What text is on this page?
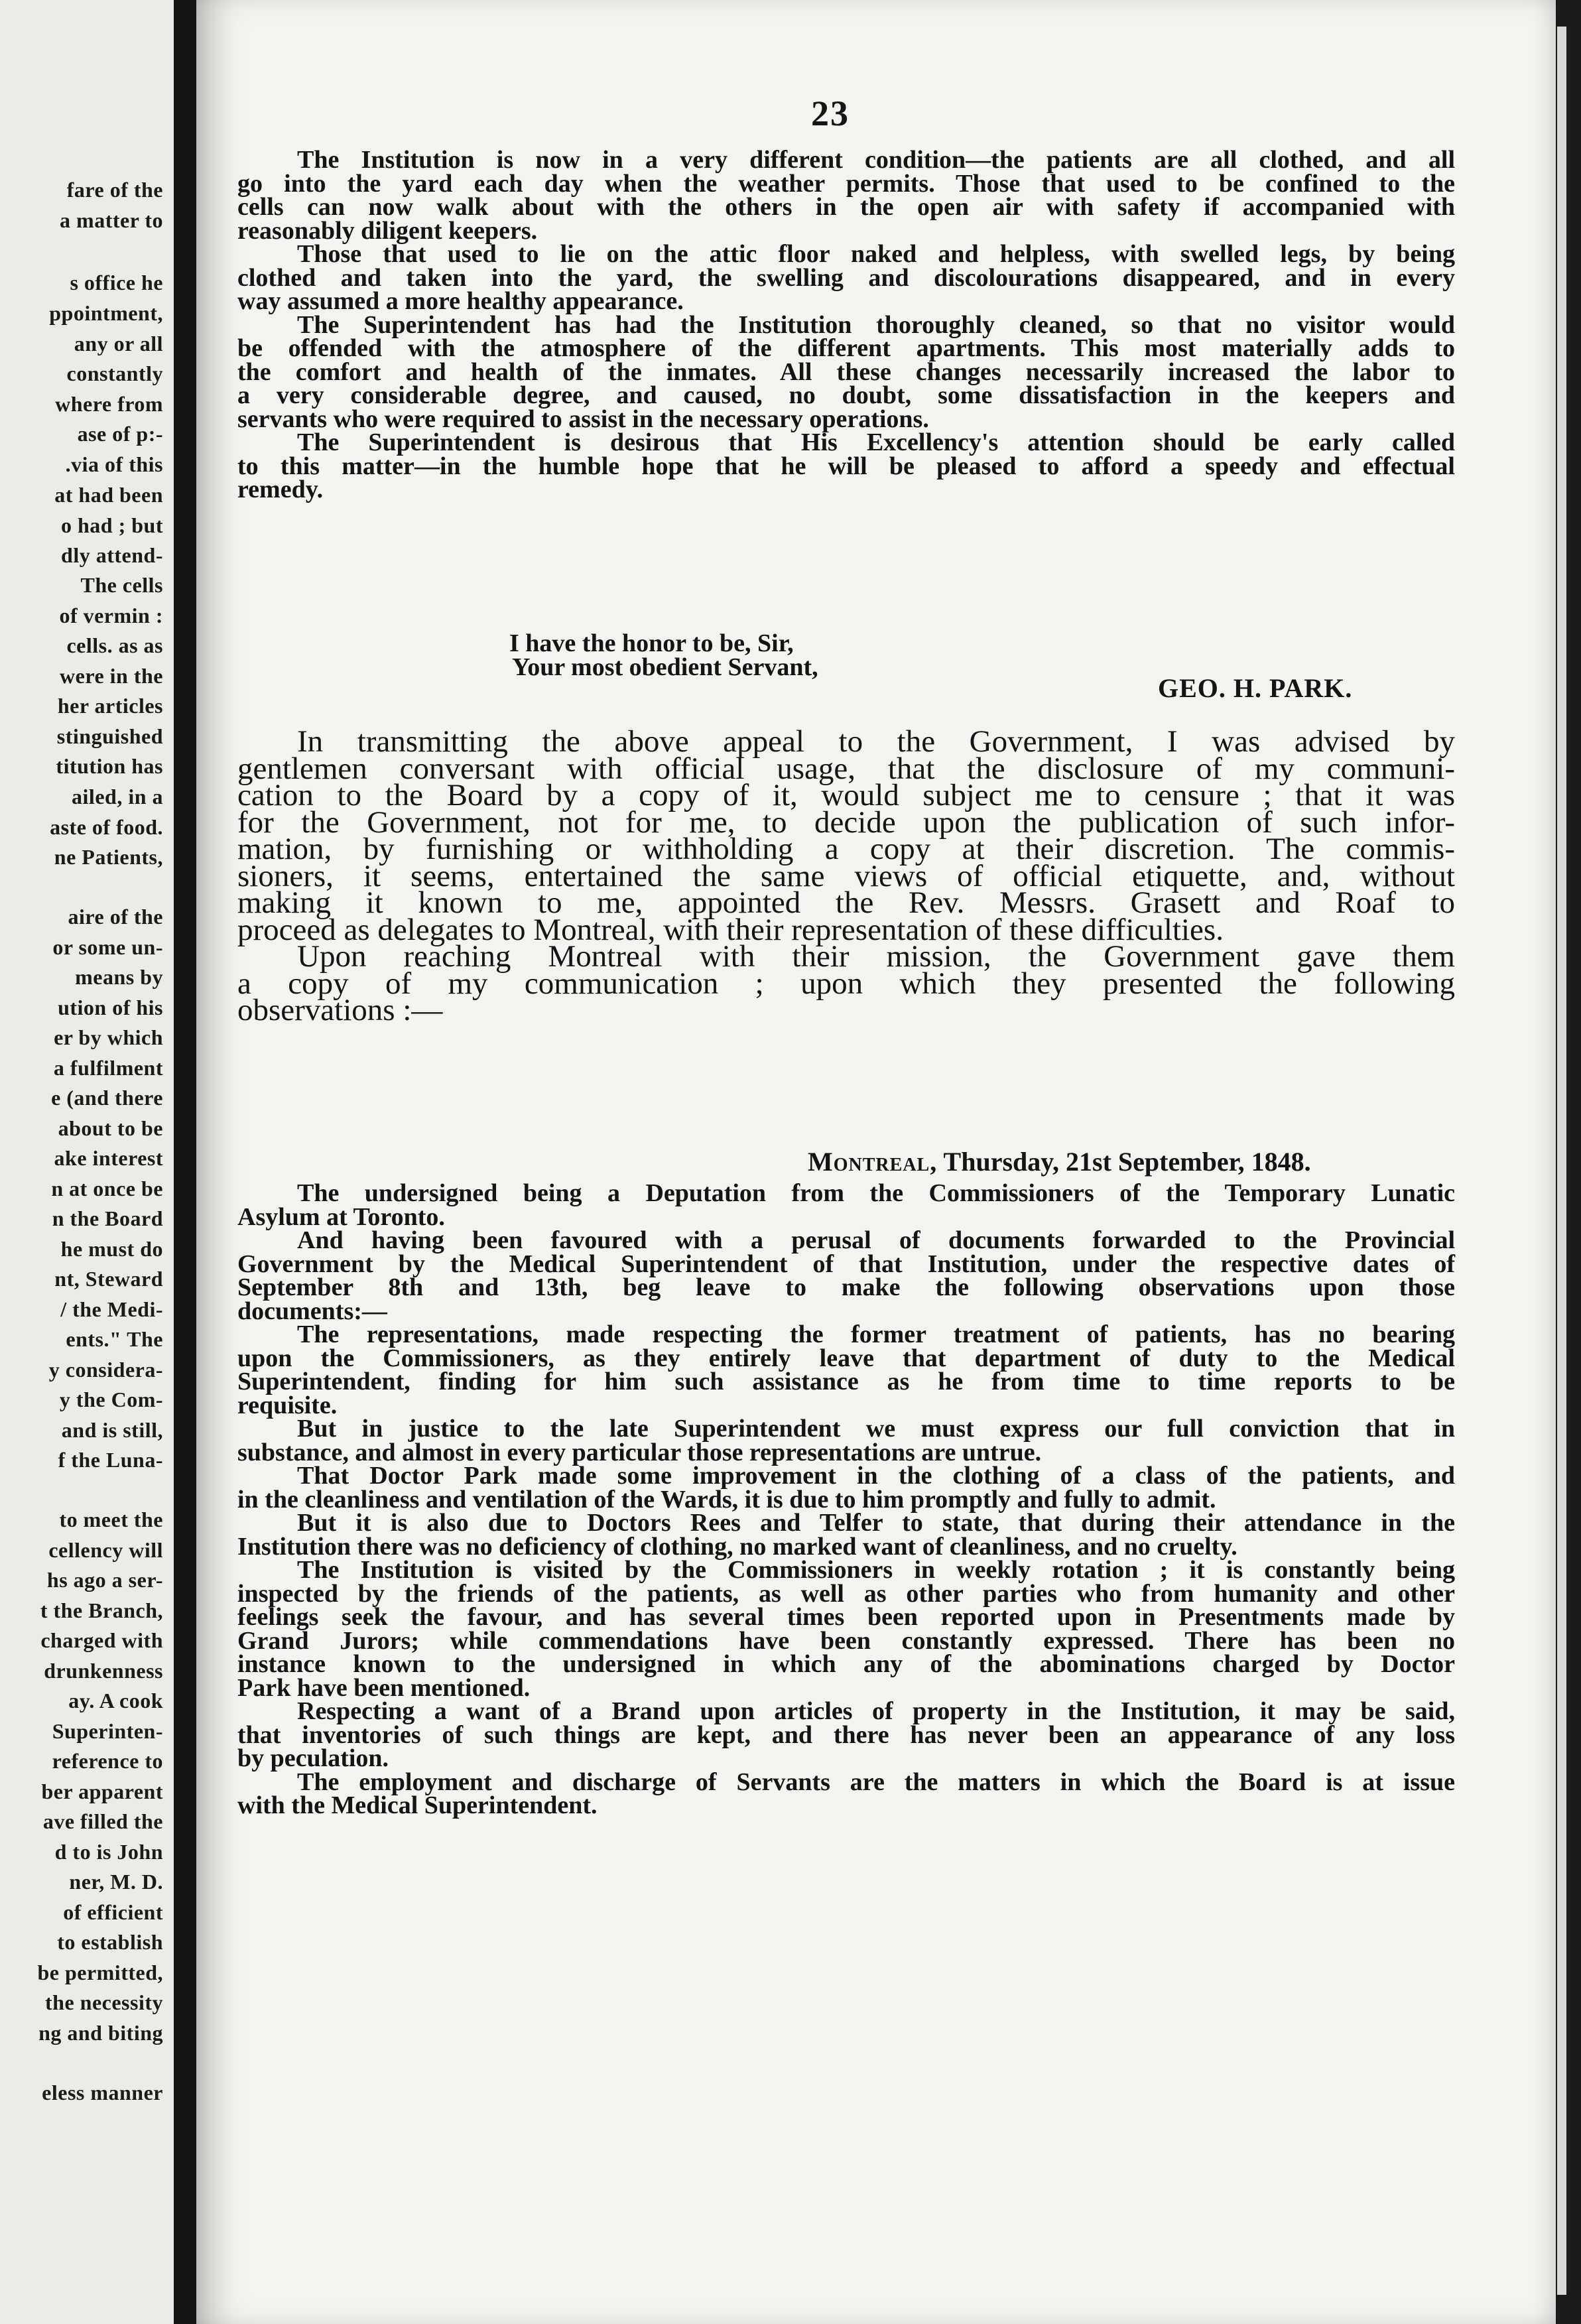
fare of the
a matter to
s office he
ppointment,
any or all
constantly
where from
ase of p:-
.via of this
at had been
o had ; but
dly attend-
The cells
of vermin :
cells. as as
were in the
her articles
stinguished
titution has
ailed, in a
aste of food.
ne Patients,
aire of the
or some un-
means by
ution of his
er by which
a fulfilment
e (and there
about to be
ake interest
n at once be
n the Board
he must do
nt, Steward
/ the Medi-
ents." The
y considera-
y the Com-
and is still,
f the Luna-
to meet the
cellency will
hs ago a ser-
t the Branch,
charged with
drunkenness
ay. A cook
Superinten-
reference to
ber apparent
ave filled the
d to is John
ner, M. D.
of efficient
to establish
be permitted,
the necessity
ng and biting
eless manner
23
The Institution is now in a very different condition—the patients are all clothed, and all
go into the yard each day when the weather permits. Those that used to be confined to the
cells can now walk about with the others in the open air with safety if accompanied with
reasonably diligent keepers.
Those that used to lie on the attic floor naked and helpless, with swelled legs, by being
clothed and taken into the yard, the swelling and discolourations disappeared, and in every
way assumed a more healthy appearance.
The Superintendent has had the Institution thoroughly cleaned, so that no visitor would
be offended with the atmosphere of the different apartments. This most materially adds to
the comfort and health of the inmates. All these changes necessarily increased the labor to
a very considerable degree, and caused, no doubt, some dissatisfaction in the keepers and
servants who were required to assist in the necessary operations.
The Superintendent is desirous that His Excellency's attention should be early called
to this matter—in the humble hope that he will be pleased to afford a speedy and effectual
remedy.
I have the honor to be, Sir,
Your most obedient Servant,
GEO. H. PARK.
In transmitting the above appeal to the Government, I was advised by
gentlemen conversant with official usage, that the disclosure of my communi-
cation to the Board by a copy of it, would subject me to censure ; that it was
for the Government, not for me, to decide upon the publication of such infor-
mation, by furnishing or withholding a copy at their discretion. The commis-
sioners, it seems, entertained the same views of official etiquette, and, without
making it known to me, appointed the Rev. Messrs. Grasett and Roaf to
proceed as delegates to Montreal, with their representation of these difficulties.
Upon reaching Montreal with their mission, the Government gave them
a copy of my communication ; upon which they presented the following
observations :—
Montreal, Thursday, 21st September, 1848.
The undersigned being a Deputation from the Commissioners of the Temporary Lunatic
Asylum at Toronto.
And having been favoured with a perusal of documents forwarded to the Provincial
Government by the Medical Superintendent of that Institution, under the respective dates of
September 8th and 13th, beg leave to make the following observations upon those
documents:—
The representations, made respecting the former treatment of patients, has no bearing
upon the Commissioners, as they entirely leave that department of duty to the Medical
Superintendent, finding for him such assistance as he from time to time reports to be
requisite.
But in justice to the late Superintendent we must express our full conviction that in
substance, and almost in every particular those representations are untrue.
That Doctor Park made some improvement in the clothing of a class of the patients, and
in the cleanliness and ventilation of the Wards, it is due to him promptly and fully to admit.
But it is also due to Doctors Rees and Telfer to state, that during their attendance in the
Institution there was no deficiency of clothing, no marked want of cleanliness, and no cruelty.
The Institution is visited by the Commissioners in weekly rotation ; it is constantly being
inspected by the friends of the patients, as well as other parties who from humanity and other
feelings seek the favour, and has several times been reported upon in Presentments made by
Grand Jurors; while commendations have been constantly expressed. There has been no
instance known to the undersigned in which any of the abominations charged by Doctor
Park have been mentioned.
Respecting a want of a Brand upon articles of property in the Institution, it may be said,
that inventories of such things are kept, and there has never been an appearance of any loss
by peculation.
The employment and discharge of Servants are the matters in which the Board is at issue
with the Medical Superintendent.
